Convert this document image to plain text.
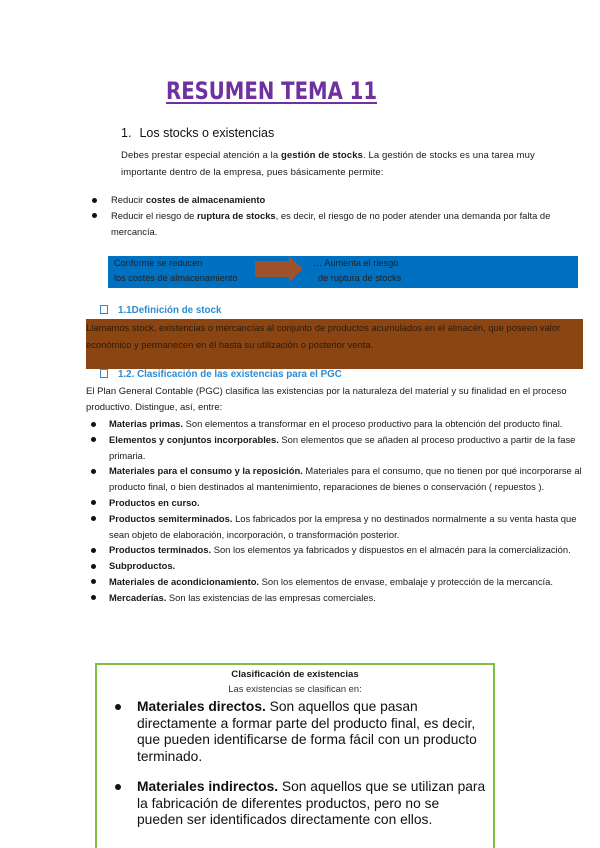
RESUMEN TEMA 11
1. Los stocks o existencias
Debes prestar especial atención a la gestión de stocks. La gestión de stocks es una tarea muy importante dentro de la empresa, pues básicamente permite:
Reducir costes de almacenamiento
Reducir el riesgo de ruptura de stocks, es decir, el riesgo de no poder atender una demanda por falta de mercancía.
Conforme se reducen
los costes de almacenamiento
… Aumenta el riesgo
de ruptura de stocks
1.1Definición de stock
Llamamos stock, existencias o mercancías al conjunto de productos acumulados en el almacén, que poseen valor económico y permanecen en él hasta su utilización o posterior venta.
1.2. Clasificación de las existencias para el PGC
El Plan General Contable (PGC) clasifica las existencias por la naturaleza del material y su finalidad en el proceso productivo. Distingue, así, entre:
Materias primas. Son elementos a transformar en el proceso productivo para la obtención del producto final.
Elementos y conjuntos incorporables. Son elementos que se añaden al proceso productivo a partir de la fase primaria.
Materiales para el consumo y la reposición. Materiales para el consumo, que no tienen por qué incorporarse al producto final, o bien destinados al mantenimiento, reparaciones de bienes o conservación ( repuestos ).
Productos en curso.
Productos semiterminados. Los fabricados por la empresa y no destinados normalmente a su venta hasta que sean objeto de elaboración, incorporación, o transformación posterior.
Productos terminados. Son los elementos ya fabricados y dispuestos en el almacén para la comercialización.
Subproductos.
Materiales de acondicionamiento. Son los elementos de envase, embalaje y protección de la mercancía.
Mercaderías. Son las existencias de las empresas comerciales.
Clasificación de existencias
Las existencias se clasifican en:
Materiales directos. Son aquellos que pasan directamente a formar parte del producto final, es decir, que pueden identificarse de forma fácil con un producto terminado.
Materiales indirectos. Son aquellos que se utilizan para la fabricación de diferentes productos, pero no se pueden ser identificados directamente con ellos.
